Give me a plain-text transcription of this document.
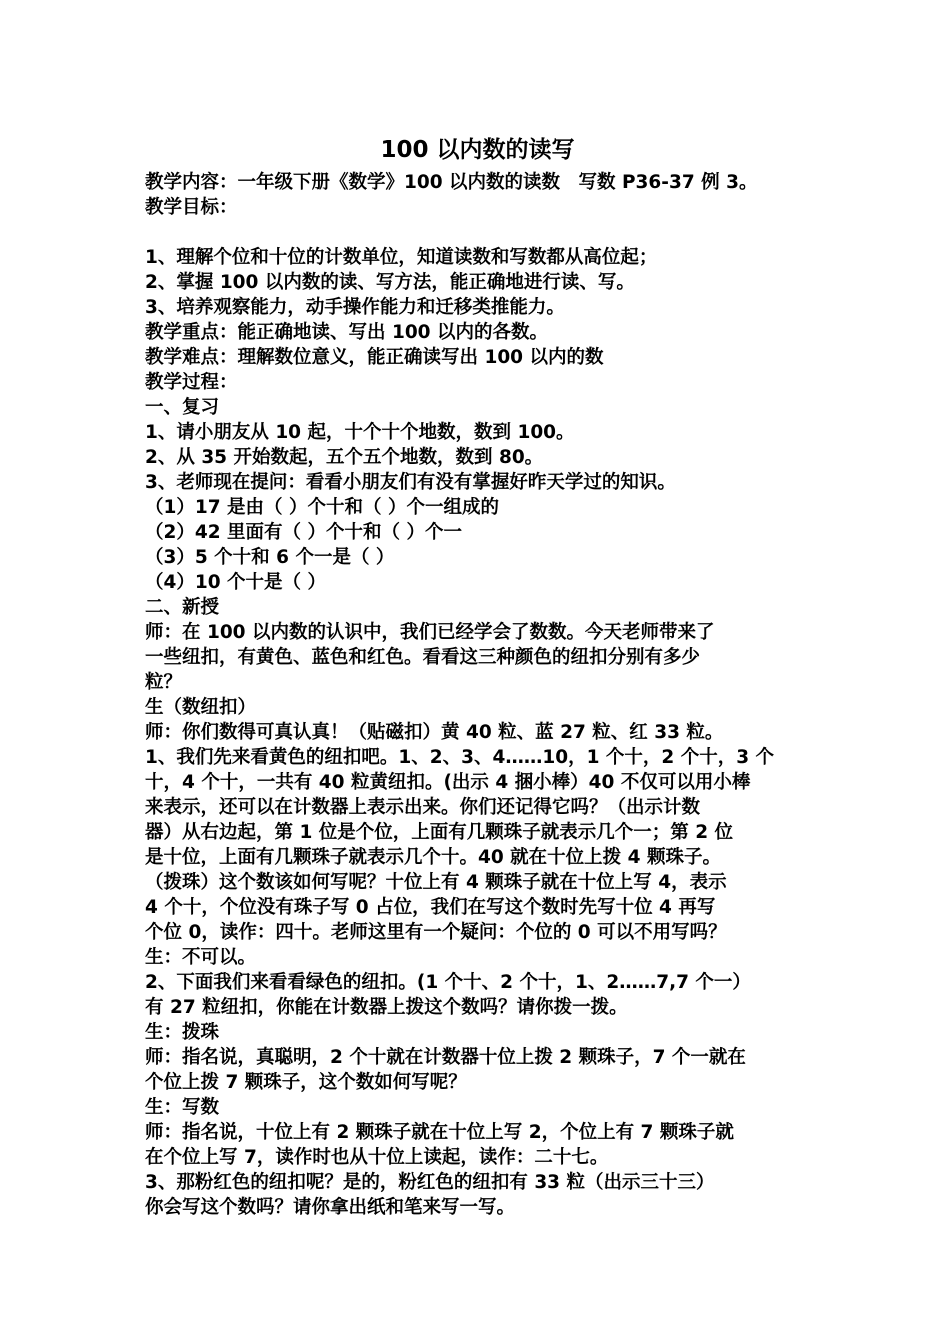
100 以内数的读写
教学内容：一年级下册《数学》100 以内数的读数　写数 P36-37 例 3。
教学目标：
1、理解个位和十位的计数单位，知道读数和写数都从高位起；
2、掌握 100 以内数的读、写方法，能正确地进行读、写。
3、培养观察能力，动手操作能力和迁移类推能力。
教学重点：能正确地读、写出 100 以内的各数。
教学难点：理解数位意义，能正确读写出 100 以内的数
教学过程：
一、复习
1、请小朋友从 10 起，十个十个地数，数到 100。
2、从 35 开始数起，五个五个地数，数到 80。
3、老师现在提问：看看小朋友们有没有掌握好昨天学过的知识。
（1）17 是由（ ）个十和（ ）个一组成的
（2）42 里面有（ ）个十和（ ）个一
（3）5 个十和 6 个一是（ ）
（4）10 个十是（ ）
二、新授
师：在 100 以内数的认识中，我们已经学会了数数。今天老师带来了
一些纽扣，有黄色、蓝色和红色。看看这三种颜色的纽扣分别有多少
粒？
生（数纽扣）
师：你们数得可真认真！（贴磁扣）黄 40 粒、蓝 27 粒、红 33 粒。
1、我们先来看黄色的纽扣吧。1、2、3、4……10，1 个十，2 个十，3 个
十，4 个十，一共有 40 粒黄纽扣。(出示 4 捆小棒）40 不仅可以用小棒
来表示，还可以在计数器上表示出来。你们还记得它吗？（出示计数
器）从右边起，第 1 位是个位，上面有几颗珠子就表示几个一；第 2 位
是十位，上面有几颗珠子就表示几个十。40 就在十位上拨 4 颗珠子。
（拨珠）这个数该如何写呢？十位上有 4 颗珠子就在十位上写 4，表示
4 个十，个位没有珠子写 0 占位，我们在写这个数时先写十位 4 再写
个位 0，读作：四十。老师这里有一个疑问：个位的 0 可以不用写吗？
生：不可以。
2、下面我们来看看绿色的纽扣。(1 个十、2 个十，1、2……7,7 个一）
有 27 粒纽扣，你能在计数器上拨这个数吗？请你拨一拨。
生：拨珠
师：指名说，真聪明，2 个十就在计数器十位上拨 2 颗珠子，7 个一就在
个位上拨 7 颗珠子，这个数如何写呢？
生：写数
师：指名说，十位上有 2 颗珠子就在十位上写 2，个位上有 7 颗珠子就
在个位上写 7，读作时也从十位上读起，读作：二十七。
3、那粉红色的纽扣呢？是的，粉红色的纽扣有 33 粒（出示三十三）
你会写这个数吗？请你拿出纸和笔来写一写。
